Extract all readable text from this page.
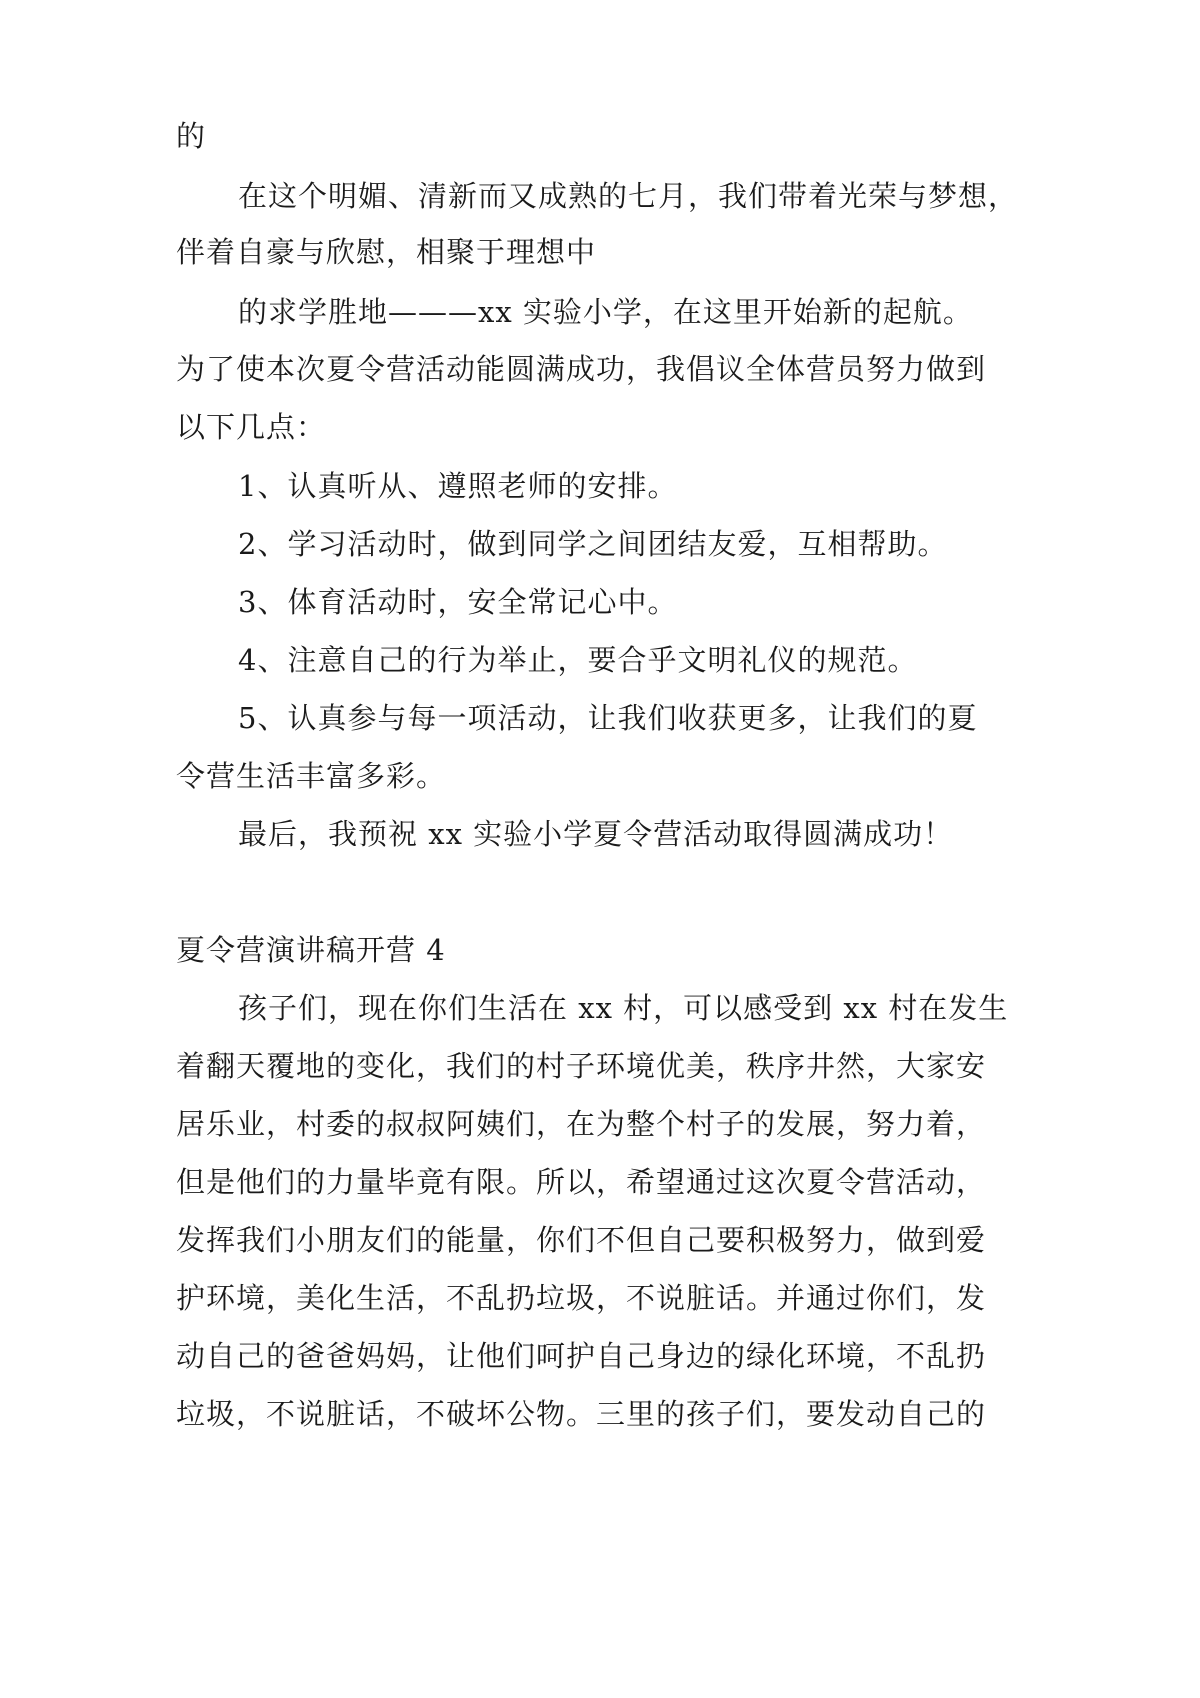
的
在这个明媚、清新而又成熟的七月，我们带着光荣与梦想，
伴着自豪与欣慰，相聚于理想中
的求学胜地———xx 实验小学，在这里开始新的起航。
为了使本次夏令营活动能圆满成功，我倡议全体营员努力做到
以下几点：
1、认真听从、遵照老师的安排。
2、学习活动时，做到同学之间团结友爱，互相帮助。
3、体育活动时，安全常记心中。
4、注意自己的行为举止，要合乎文明礼仪的规范。
5、认真参与每一项活动，让我们收获更多，让我们的夏
令营生活丰富多彩。
最后，我预祝 xx 实验小学夏令营活动取得圆满成功！
夏令营演讲稿开营 4
孩子们，现在你们生活在 xx 村，可以感受到 xx 村在发生
着翻天覆地的变化，我们的村子环境优美，秩序井然，大家安
居乐业，村委的叔叔阿姨们，在为整个村子的发展，努力着，
但是他们的力量毕竟有限。所以，希望通过这次夏令营活动，
发挥我们小朋友们的能量，你们不但自己要积极努力，做到爱
护环境，美化生活，不乱扔垃圾，不说脏话。并通过你们，发
动自己的爸爸妈妈，让他们呵护自己身边的绿化环境，不乱扔
垃圾，不说脏话，不破坏公物。三里的孩子们，要发动自己的
